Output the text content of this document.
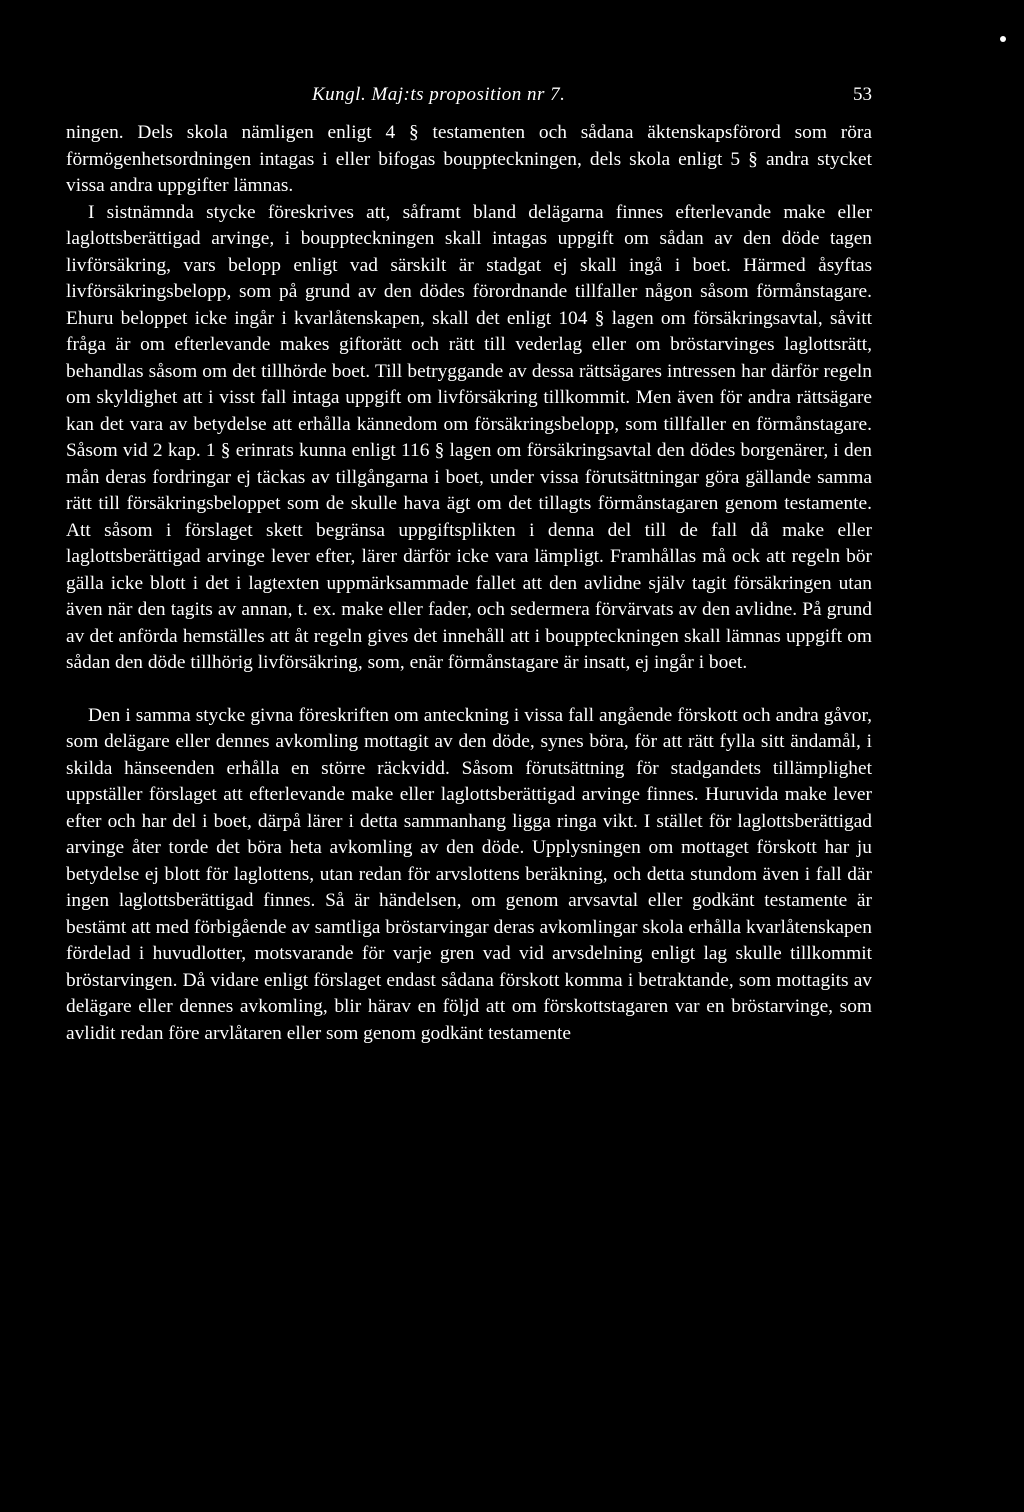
Kungl. Maj:ts proposition nr 7.	53

ningen. Dels skola nämligen enligt 4 § testamenten och sådana äktenskapsförord som röra förmögenhetsordningen intagas i eller bifogas bouppteckningen, dels skola enligt 5 § andra stycket vissa andra uppgifter lämnas.

I sistnämnda stycke föreskrives att, såframt bland delägarna finnes efterlevande make eller laglottsberättigad arvinge, i bouppteckningen skall intagas uppgift om sådan av den döde tagen livförsäkring, vars belopp enligt vad särskilt är stadgat ej skall ingå i boet. Härmed åsyftas livförsäkringsbelopp, som på grund av den dödes förordnande tillfaller någon såsom förmånstagare. Ehuru beloppet icke ingår i kvarlåtenskapen, skall det enligt 104 § lagen om försäkringsavtal, såvitt fråga är om efterlevande makes giftorätt och rätt till vederlag eller om bröstarvinges laglottsrätt, behandlas såsom om det tillhörde boet. Till betryggande av dessa rättsägares intressen har därför regeln om skyldighet att i visst fall intaga uppgift om livförsäkring tillkommit. Men även för andra rättsägare kan det vara av betydelse att erhålla kännedom om försäkringsbelopp, som tillfaller en förmånstagare. Såsom vid 2 kap. 1 § erinrats kunna enligt 116 § lagen om försäkringsavtal den dödes borgenärer, i den mån deras fordringar ej täckas av tillgångarna i boet, under vissa förutsättningar göra gällande samma rätt till försäkringsbeloppet som de skulle hava ägt om det tillagts förmånstagaren genom testamente. Att såsom i förslaget skett begränsa uppgiftsplikten i denna del till de fall då make eller laglottsberättigad arvinge lever efter, lärer därför icke vara lämpligt. Framhållas må ock att regeln bör gälla icke blott i det i lagtexten uppmärksammade fallet att den avlidne själv tagit försäkringen utan även när den tagits av annan, t. ex. make eller fader, och sedermera förvärvats av den avlidne. På grund av det anförda hemställes att åt regeln gives det innehåll att i bouppteckningen skall lämnas uppgift om sådan den döde tillhörig livförsäkring, som, enär förmånstagare är insatt, ej ingår i boet.

Den i samma stycke givna föreskriften om anteckning i vissa fall angående förskott och andra gåvor, som delägare eller dennes avkomling mottagit av den döde, synes böra, för att rätt fylla sitt ändamål, i skilda hänseenden erhålla en större räckvidd. Såsom förutsättning för stadgandets tillämplighet uppställer förslaget att efterlevande make eller laglottsberättigad arvinge finnes. Huruvida make lever efter och har del i boet, därpå lärer i detta sammanhang ligga ringa vikt. I stället för laglottsberättigad arvinge åter torde det böra heta avkomling av den döde. Upplysningen om mottaget förskott har ju betydelse ej blott för laglottens, utan redan för arvslottens beräkning, och detta stundom även i fall där ingen laglottsberättigad finnes. Så är händelsen, om genom arvsavtal eller godkänt testamente är bestämt att med förbigående av samtliga bröstarvingar deras avkomlingar skola erhålla kvarlåtenskapen fördelad i huvudlotter, motsvarande för varje gren vad vid arvsdelning enligt lag skulle tillkommit bröstarvingen. Då vidare enligt förslaget endast sådana förskott komma i betraktande, som mottagits av delägare eller dennes avkomling, blir härav en följd att om förskottstagaren var en bröstarvinge, som avlidit redan före arvlåtaren eller som genom godkänt testamente
